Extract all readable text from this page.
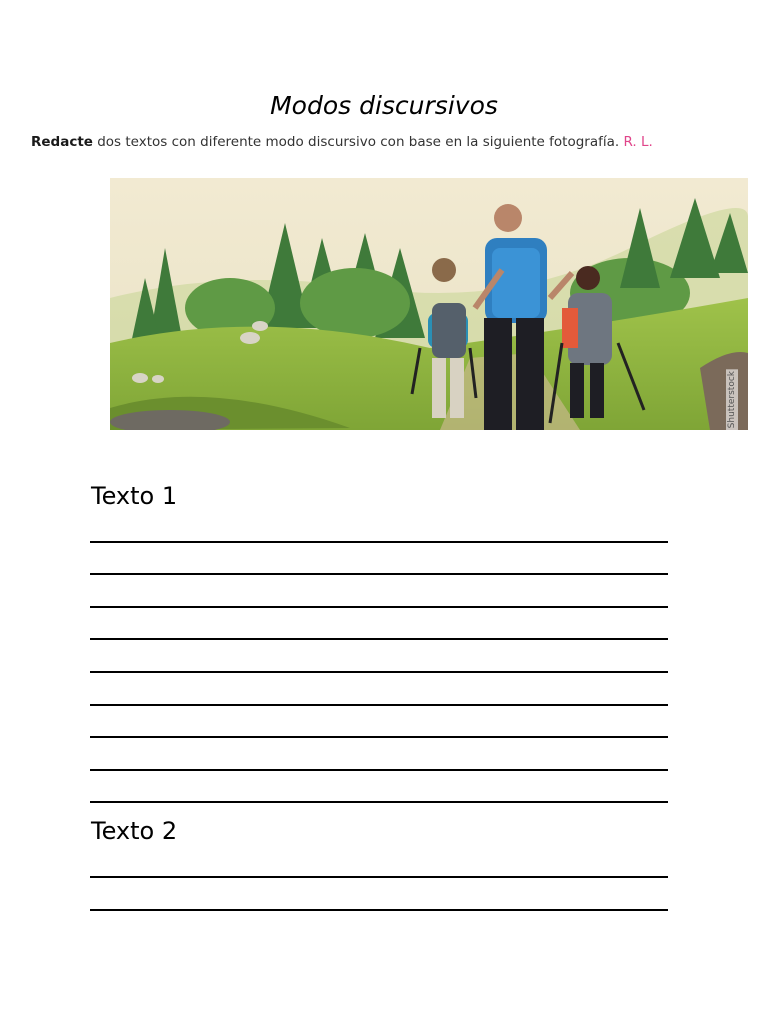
Modos discursivos
Redacte dos textos con diferente modo discursivo con base en la siguiente fotografía. R. L.
Shutterstock
Texto 1
Texto 2
